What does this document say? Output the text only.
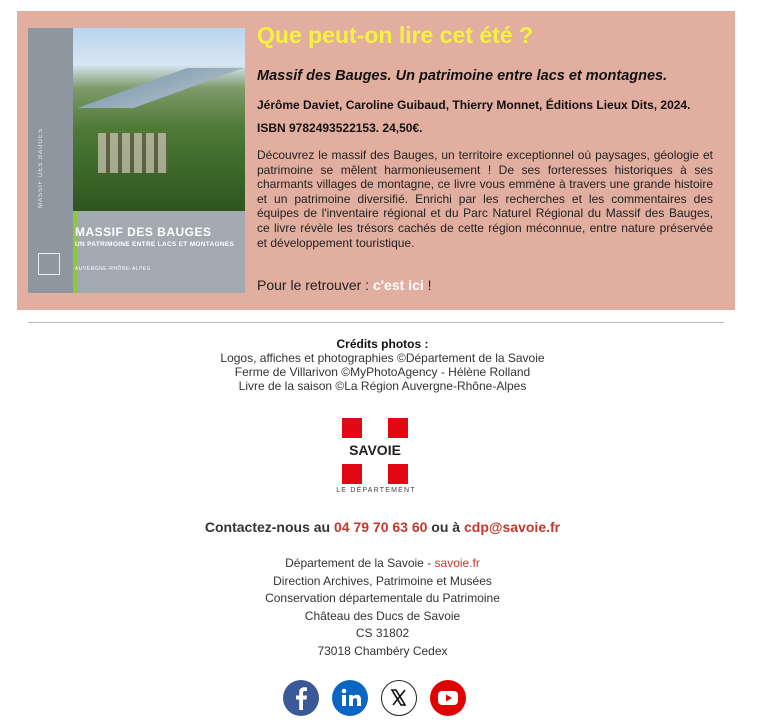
MASSIF DES BAUGES
MASSIF DES BAUGES
UN PATRIMOINE ENTRE LACS ET MONTAGNES
AUVERGNE-RHÔNE-ALPES
Que peut-on lire cet été ?
Massif des Bauges. Un patrimoine entre lacs et montagnes.
Jérôme Daviet, Caroline Guibaud, Thierry Monnet, Éditions Lieux Dits, 2024.
ISBN 9782493522153. 24,50€.
Découvrez le massif des Bauges, un territoire exceptionnel où paysages, géologie et patrimoine se mêlent harmonieusement ! De ses forteresses historiques à ses charmants villages de montagne, ce livre vous emmène à travers une grande histoire et un patrimoine diversifié. Enrichi par les recherches et les commentaires des équipes de l'inventaire régional et du Parc Naturel Régional du Massif des Bauges, ce livre révèle les trésors cachés de cette région méconnue, entre nature préservée et développement touristique.
Pour le retrouver : c'est ici !
Crédits photos :
Logos, affiches et photographies ©Département de la Savoie
Ferme de Villarivon ©MyPhotoAgency - Hélène Rolland
Livre de la saison ©La Région Auvergne-Rhône-Alpes
SAVOIE
LE DÉPARTEMENT
Contactez-nous au 04 79 70 63 60 ou à cdp@savoie.fr
Département de la Savoie - savoie.fr
Direction Archives, Patrimoine et Musées
Conservation départementale du Patrimoine
Château des Ducs de Savoie
CS 31802
73018 Chambéry Cedex
